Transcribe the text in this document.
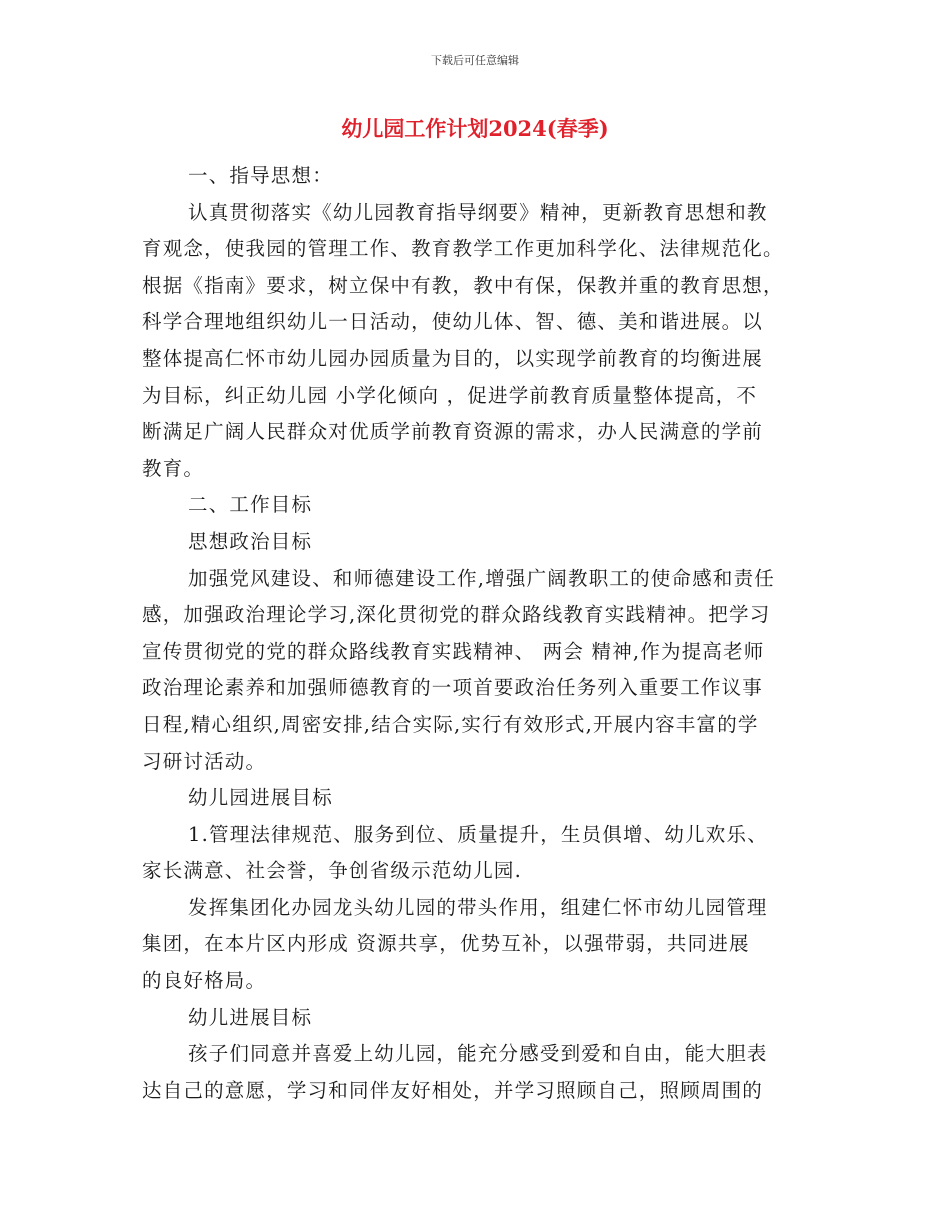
下载后可任意编辑
幼儿园工作计划2024(春季)
一、指导思想：
认真贯彻落实《幼儿园教育指导纲要》精神，更新教育思想和教
育观念，使我园的管理工作、教育教学工作更加科学化、法律规范化。
根据《指南》要求，树立保中有教，教中有保，保教并重的教育思想，
科学合理地组织幼儿一日活动，使幼儿体、智、德、美和谐进展。以
整体提高仁怀市幼儿园办园质量为目的，以实现学前教育的均衡进展
为目标，纠正幼儿园 小学化倾向 ，促进学前教育质量整体提高，不
断满足广阔人民群众对优质学前教育资源的需求，办人民满意的学前
教育。
二、工作目标
思想政治目标
加强党风建设、和师德建设工作,增强广阔教职工的使命感和责任
感，加强政治理论学习,深化贯彻党的群众路线教育实践精神。把学习
宣传贯彻党的党的群众路线教育实践精神、 两会 精神,作为提高老师
政治理论素养和加强师德教育的一项首要政治任务列入重要工作议事
日程,精心组织,周密安排,结合实际,实行有效形式,开展内容丰富的学
习研讨活动。
幼儿园进展目标
1.管理法律规范、服务到位、质量提升，生员俱增、幼儿欢乐、
家长满意、社会誉，争创省级示范幼儿园.
发挥集团化办园龙头幼儿园的带头作用，组建仁怀市幼儿园管理
集团，在本片区内形成 资源共享，优势互补，以强带弱，共同进展
的良好格局。
幼儿进展目标
孩子们同意并喜爱上幼儿园，能充分感受到爱和自由，能大胆表
达自己的意愿，学习和同伴友好相处，并学习照顾自己，照顾周围的
